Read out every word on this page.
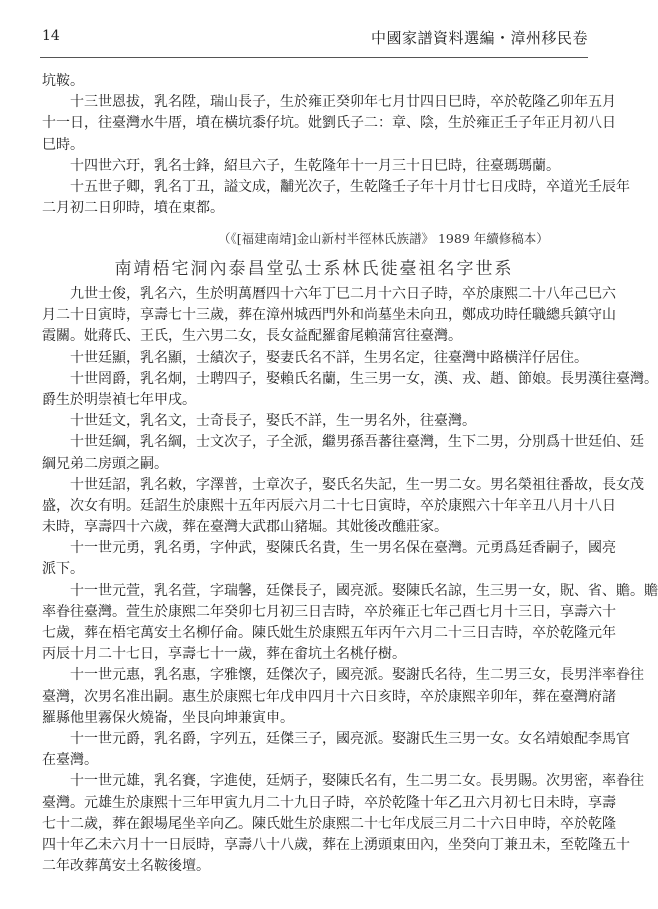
14	中國家譜資料選編・漳州移民卷
坑鞍。
十三世恩拔，乳名陞，瑞山長子，生於雍正癸卯年七月廿四日巳時，卒於乾隆乙卯年五月
十一日，往臺灣水牛厝，墳在橫坑黍仔坑。妣劉氏子二：章、陰，生於雍正壬子年正月初八日
巳時。
十四世六玗，乳名士鋒，紹旦六子，生乾隆年十一月三十日巳時，往臺瑪瑪蘭。
十五世子卿，乳名丁丑，謚文成，黼光次子，生乾隆壬子年十月廿七日戌時，卒道光壬辰年
二月初二日卯時，墳在東都。
（《[福建南靖]金山新村半徑林氏族譜》 1989 年續修稿本）
南靖梧宅洞內泰昌堂弘士系林氏徙臺祖名字世系
九世士俊，乳名六，生於明萬曆四十六年丁巳二月十六日子時，卒於康熙二十八年己巳六
月二十日寅時，享壽七十三歲，葬在漳州城西門外和尚墓坐未向丑，鄭成功時任職總兵鎮守山
霞關。妣蔣氏、王氏，生六男二女，長女益配羅畬尾賴蒲宮往臺灣。
十世廷顯，乳名顯，士績次子，娶妻氏名不詳，生男名定，往臺灣中路橫洋仔居住。
十世罔爵，乳名炯，士聘四子，娶賴氏名蘭，生三男一女，漢、戎、趙、節娘。長男漢往臺灣。
爵生於明崇禎七年甲戌。
十世廷文，乳名文，士奇長子，娶氏不詳，生一男名外，往臺灣。
十世廷綱，乳名綱，士文次子，子全派，繼男孫吾蕃往臺灣，生下二男，分別爲十世廷伯、廷
綱兄弟二房頭之嗣。
十世廷詔，乳名敕，字澤普，士章次子，娶氏名失記，生一男二女。男名榮祖往番故，長女茂
盛，次女有明。廷詔生於康熙十五年丙辰六月二十七日寅時，卒於康熙六十年辛丑八月十八日
未時，享壽四十六歲，葬在臺灣大武郡山豬堀。其妣後改醮莊家。
十一世元勇，乳名勇，字仲武，娶陳氏名貴，生一男名保在臺灣。元勇爲廷香嗣子，國亮
派下。
十一世元萱，乳名萱，字瑞馨，廷傑長子，國亮派。娶陳氏名諒，生三男一女，貺、省、贍。贍
率眷往臺灣。萱生於康熙二年癸卯七月初三日吉時，卒於雍正七年己酉七月十三日，享壽六十
七歲，葬在梧宅萬安土名柳仔侖。陳氏妣生於康熙五年丙午六月二十三日吉時，卒於乾隆元年
丙辰十月二十七日，享壽七十一歲，葬在畬坑土名桃仔樹。
十一世元惠，乳名惠，字雅懷，廷傑次子，國亮派。娶謝氏名待，生二男三女，長男泮率眷往
臺灣，次男名准出嗣。惠生於康熙七年戊申四月十六日亥時，卒於康熙辛卯年，葬在臺灣府諸
羅縣他里霧保火燒崙，坐艮向坤兼寅申。
十一世元爵，乳名爵，字列五，廷傑三子，國亮派。娶謝氏生三男一女。女名靖娘配李馬官
在臺灣。
十一世元雄，乳名賽，字進使，廷炳子，娶陳氏名有，生二男二女。長男賜。次男密，率眷往
臺灣。元雄生於康熙十三年甲寅九月二十九日子時，卒於乾隆十年乙丑六月初七日未時，享壽
七十二歲，葬在銀場尾坐辛向乙。陳氏妣生於康熙二十七年戊辰三月二十六日申時，卒於乾隆
四十年乙未六月十一日辰時，享壽八十八歲，葬在上湧頭東田內，坐癸向丁兼丑未，至乾隆五十
二年改葬萬安土名鞍後壇。
